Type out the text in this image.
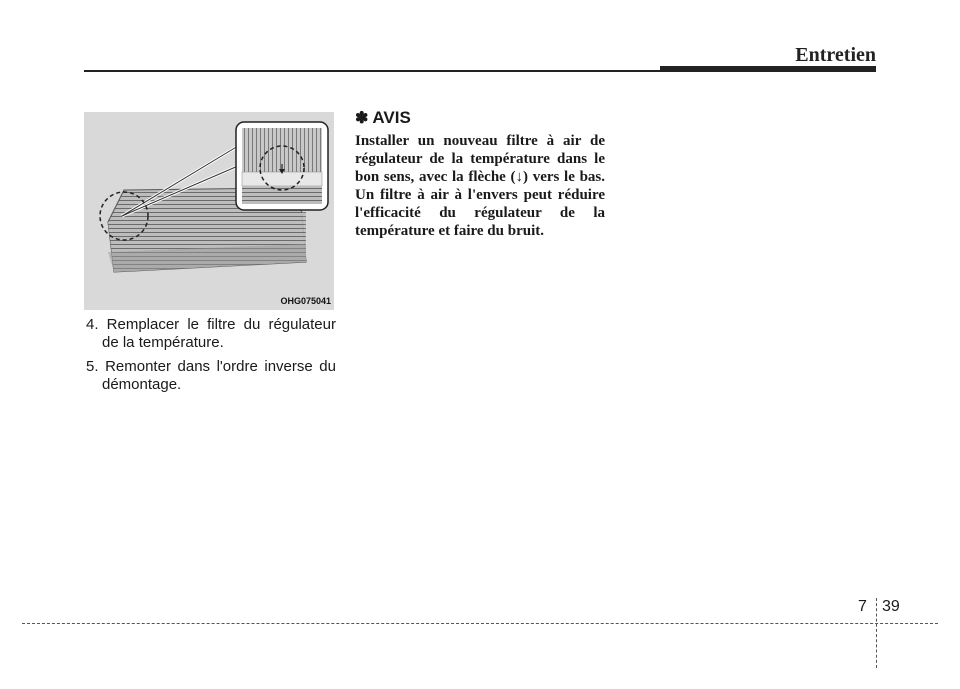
Entretien
OHG075041
4. Remplacer le filtre du régulateur de la température.
5. Remonter dans l'ordre inverse du démontage.
✽ AVIS

Installer un nouveau filtre à air de régulateur de la température dans le bon sens, avec la flèche (↓) vers le bas. Un filtre à air à l'envers peut réduire l'efficacité du régulateur de la température et faire du bruit.

7 39
